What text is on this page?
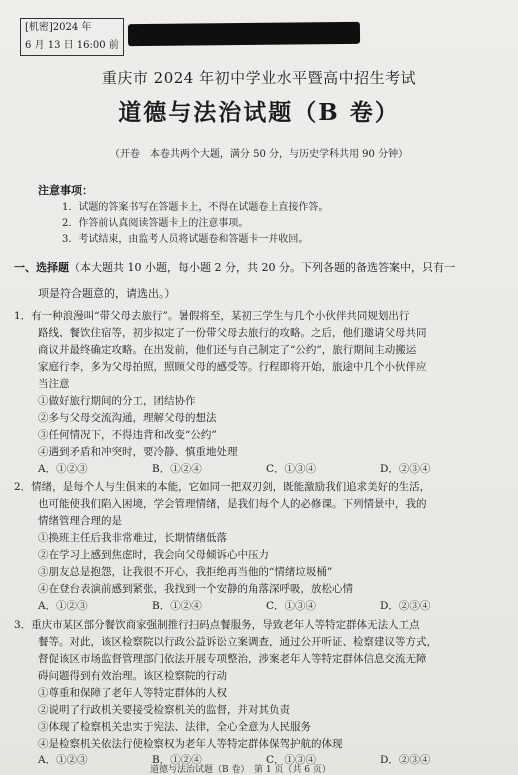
[机密]2024 年
6 月 13 日 16:00 前
重庆市 2024 年初中学业水平暨高中招生考试
道德与法治试题（B 卷）
（开卷　本卷共两个大题，满分 50 分，与历史学科共用 90 分钟）
注意事项：
1．试题的答案书写在答题卡上，不得在试题卷上直接作答。
2．作答前认真阅读答题卡上的注意事项。
3．考试结束，由监考人员将试题卷和答题卡一并收回。
一、选择题（本大题共 10 小题，每小题 2 分，共 20 分。下列各题的备选答案中，只有一
项是符合题意的，请选出。）
1．有一种浪漫叫“带父母去旅行”。暑假将至，某初三学生与几个小伙伴共同规划出行
路线、餐饮住宿等，初步拟定了一份带父母去旅行的攻略。之后，他们邀请父母共同
商议并最终确定攻略。在出发前，他们还与自己制定了“公约”，旅行期间主动搬运
家庭行李，多为父母拍照，照顾父母的感受等。行程即将开始，旅途中几个小伙伴应
当注意
①做好旅行期间的分工，团结协作
②多与父母交流沟通，理解父母的想法
③任何情况下，不得违背和改变“公约”
④遇到矛盾和冲突时，要冷静、慎重地处理
A．①②③	B．①②④	C．①③④	D．②③④
2．情绪，是每个人与生俱来的本能，它如同一把双刃剑，既能激励我们追求美好的生活，
也可能使我们陷入困境，学会管理情绪，是我们每个人的必修课。下列情景中，我的
情绪管理合理的是
①换班主任后我非常难过，长期情绪低落
②在学习上感到焦虑时，我会向父母倾诉心中压力
③朋友总是抱怨，让我很不开心，我拒绝再当他的“情绪垃圾桶”
④在登台表演前感到紧张，我找到一个安静的角落深呼吸，放松心情
A．①②③	B．①②④	C．①③④	D．②③④
3．重庆市某区部分餐饮商家强制推行扫码点餐服务，导致老年人等特定群体无法人工点
餐等。对此，该区检察院以行政公益诉讼立案调查，通过公开听证、检察建议等方式，
督促该区市场监督管理部门依法开展专项整治，涉案老年人等特定群体信息交流无障
碍问题得到有效治理。该区检察院的行动
①尊重和保障了老年人等特定群体的人权
②说明了行政机关要接受检察机关的监督，并对其负责
③体现了检察机关忠实于宪法、法律，全心全意为人民服务
④是检察机关依法行使检察权为老年人等特定群体保驾护航的体现
A．①②③	B．①②④	C．①③④	D．②③④
道德与法治试题（B 卷）　第 1 页（共 6 页）
